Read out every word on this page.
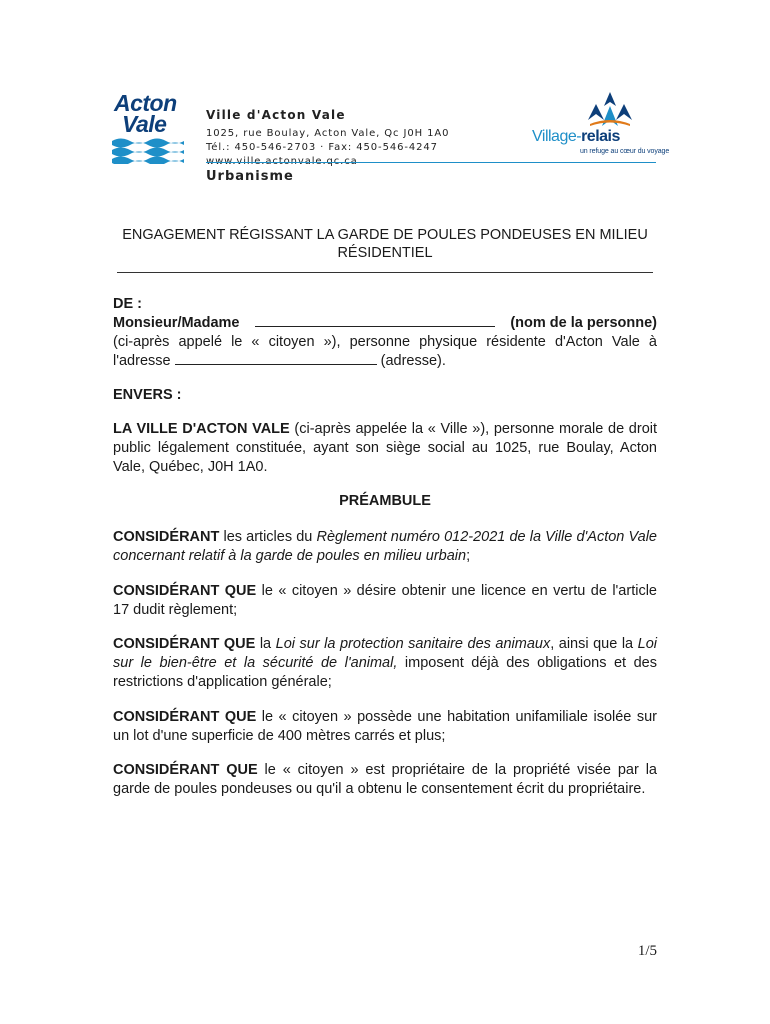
Acton
Vale	Ville d'Acton Vale
1025, rue Boulay, Acton Vale, Qc J0H 1A0
Tél.: 450-546-2703 · Fax: 450-546-4247
Urbanisme
Village-relais
un refuge au cœur du voyage
ENGAGEMENT RÉGISSANT LA GARDE DE POULES PONDEUSES EN MILIEU RÉSIDENTIEL
DE :
Monsieur/Madame	(nom de la personne)
(ci-après appelé le « citoyen »), personne physique résidente d'Acton Vale à l'adresse	(adresse).
ENVERS :
LA VILLE D'ACTON VALE (ci-après appelée la « Ville »), personne morale de droit public légalement constituée, ayant son siège social au 1025, rue Boulay, Acton Vale, Québec, J0H 1A0.
PRÉAMBULE
CONSIDÉRANT les articles du Règlement numéro 012-2021 de la Ville d'Acton Vale concernant relatif à la garde de poules en milieu urbain;
CONSIDÉRANT QUE le « citoyen » désire obtenir une licence en vertu de l'article 17 dudit règlement;
CONSIDÉRANT QUE la Loi sur la protection sanitaire des animaux, ainsi que la Loi sur le bien-être et la sécurité de l'animal, imposent déjà des obligations et des restrictions d'application générale;
CONSIDÉRANT QUE le « citoyen » possède une habitation unifamiliale isolée sur un lot d'une superficie de 400 mètres carrés et plus;
CONSIDÉRANT QUE le « citoyen » est propriétaire de la propriété visée par la garde de poules pondeuses ou qu'il a obtenu le consentement écrit du propriétaire.
1/5
